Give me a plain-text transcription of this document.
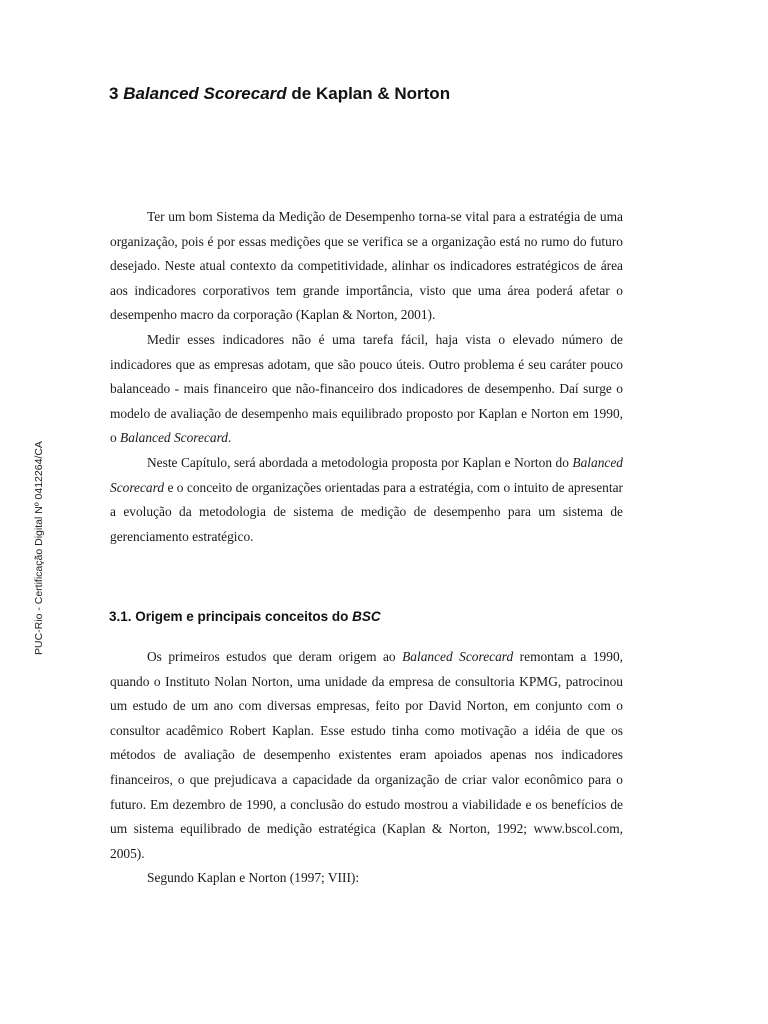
PUC-Rio - Certificação Digital Nº 0412264/CA
3 Balanced Scorecard de Kaplan & Norton

Ter um bom Sistema da Medição de Desempenho torna-se vital para a estratégia de uma organização, pois é por essas medições que se verifica se a organização está no rumo do futuro desejado. Neste atual contexto da competitividade, alinhar os indicadores estratégicos de área aos indicadores corporativos tem grande importância, visto que uma área poderá afetar o desempenho macro da corporação (Kaplan & Norton, 2001).

Medir esses indicadores não é uma tarefa fácil, haja vista o elevado número de indicadores que as empresas adotam, que são pouco úteis. Outro problema é seu caráter pouco balanceado - mais financeiro que não-financeiro dos indicadores de desempenho. Daí surge o modelo de avaliação de desempenho mais equilibrado proposto por Kaplan e Norton em 1990, o Balanced Scorecard.

Neste Capítulo, será abordada a metodologia proposta por Kaplan e Norton do Balanced Scorecard e o conceito de organizações orientadas para a estratégia, com o intuito de apresentar a evolução da metodologia de sistema de medição de desempenho para um sistema de gerenciamento estratégico.

3.1. Origem e principais conceitos do BSC

Os primeiros estudos que deram origem ao Balanced Scorecard remontam a 1990, quando o Instituto Nolan Norton, uma unidade da empresa de consultoria KPMG, patrocinou um estudo de um ano com diversas empresas, feito por David Norton, em conjunto com o consultor acadêmico Robert Kaplan. Esse estudo tinha como motivação a idéia de que os métodos de avaliação de desempenho existentes eram apoiados apenas nos indicadores financeiros, o que prejudicava a capacidade da organização de criar valor econômico para o futuro. Em dezembro de 1990, a conclusão do estudo mostrou a viabilidade e os benefícios de um sistema equilibrado de medição estratégica (Kaplan & Norton, 1992; www.bscol.com, 2005).

Segundo Kaplan e Norton (1997; VIII):
